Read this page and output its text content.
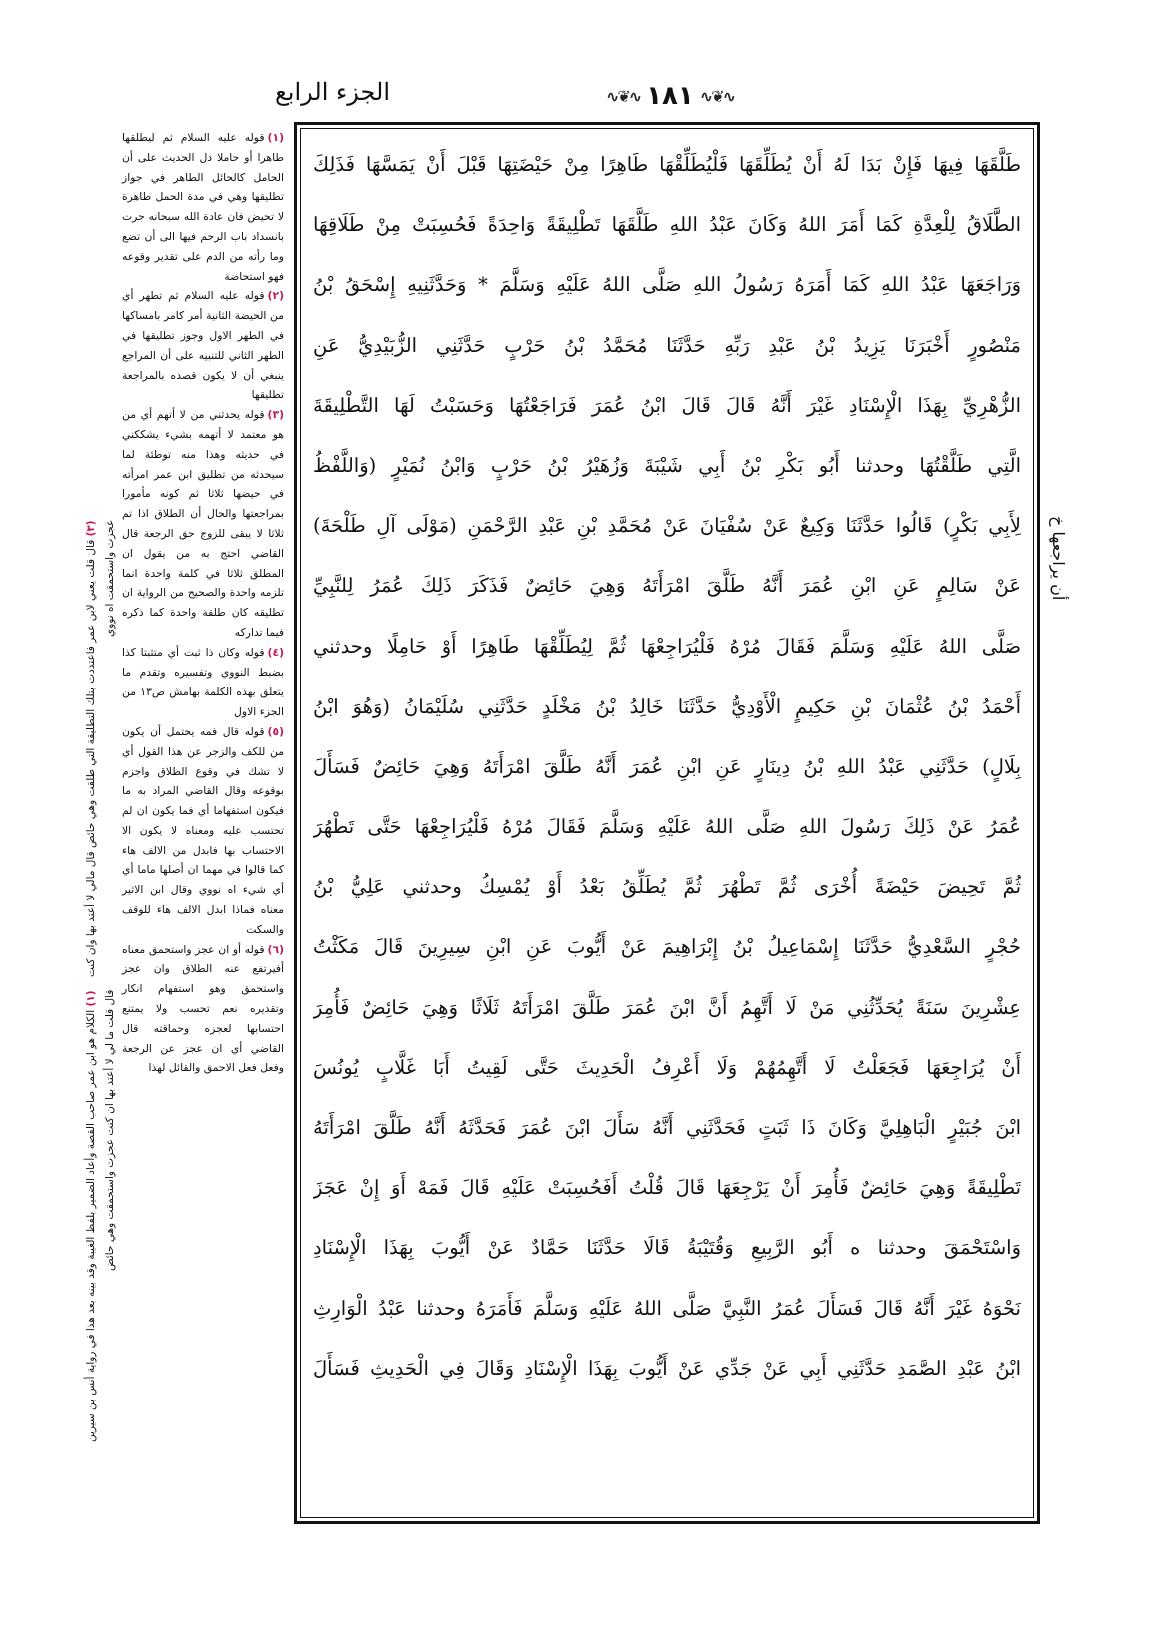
الجزء الرابع	∿❦∿ ١٨١ ∿❦∿
طَلَّقَهَا فِيهَا فَإِنْ بَدَا لَهُ أَنْ يُطَلِّقَهَا فَلْيُطَلِّقْهَا طَاهِرًا مِنْ حَيْضَتِهَا قَبْلَ أَنْ يَمَسَّهَا فَذَلِكَ
الطَّلَاقُ لِلْعِدَّةِ كَمَا أَمَرَ اللهُ وَكَانَ عَبْدُ اللهِ طَلَّقَهَا تَطْلِيقَةً وَاحِدَةً فَحُسِبَتْ مِنْ طَلَاقِهَا
وَرَاجَعَهَا عَبْدُ اللهِ كَمَا أَمَرَهُ رَسُولُ اللهِ صَلَّى اللهُ عَلَيْهِ وَسَلَّمَ * وَحَدَّثَنِيهِ إِسْحَقُ بْنُ
مَنْصُورٍ أَخْبَرَنَا يَزِيدُ بْنُ عَبْدِ رَبِّهِ حَدَّثَنَا مُحَمَّدُ بْنُ حَرْبٍ حَدَّثَنِي الزُّبَيْدِيُّ عَنِ
الزُّهْرِيِّ بِهَذَا الْإِسْنَادِ غَيْرَ أَنَّهُ قَالَ قَالَ ابْنُ عُمَرَ فَرَاجَعْتُهَا وَحَسَبْتُ لَهَا التَّطْلِيقَةَ
الَّتِي طَلَّقْتُهَا وحدثنا أَبُو بَكْرِ بْنُ أَبِي شَيْبَةَ وَزُهَيْرُ بْنُ حَرْبٍ وَابْنُ نُمَيْرٍ (وَاللَّفْظُ
لِأَبِي بَكْرٍ) قَالُوا حَدَّثَنَا وَكِيعٌ عَنْ سُفْيَانَ عَنْ مُحَمَّدِ بْنِ عَبْدِ الرَّحْمَنِ (مَوْلَى آلِ طَلْحَةَ)
عَنْ سَالِمٍ عَنِ ابْنِ عُمَرَ أَنَّهُ طَلَّقَ امْرَأَتَهُ وَهِيَ حَائِضٌ فَذَكَرَ ذَلِكَ عُمَرُ لِلنَّبِيِّ
صَلَّى اللهُ عَلَيْهِ وَسَلَّمَ فَقَالَ مُرْهُ فَلْيُرَاجِعْهَا ثُمَّ لِيُطَلِّقْهَا طَاهِرًا أَوْ حَامِلًا وحدثني
أَحْمَدُ بْنُ عُثْمَانَ بْنِ حَكِيمٍ الْأَوْدِيُّ حَدَّثَنَا خَالِدُ بْنُ مَخْلَدٍ حَدَّثَنِي سُلَيْمَانُ (وَهُوَ ابْنُ
بِلَالٍ) حَدَّثَنِي عَبْدُ اللهِ بْنُ دِينَارٍ عَنِ ابْنِ عُمَرَ أَنَّهُ طَلَّقَ امْرَأَتَهُ وَهِيَ حَائِضٌ فَسَأَلَ
عُمَرُ عَنْ ذَلِكَ رَسُولَ اللهِ صَلَّى اللهُ عَلَيْهِ وَسَلَّمَ فَقَالَ مُرْهُ فَلْيُرَاجِعْهَا حَتَّى تَطْهُرَ
ثُمَّ تَحِيضَ حَيْضَةً أُخْرَى ثُمَّ تَطْهُرَ ثُمَّ يُطَلِّقُ بَعْدُ أَوْ يُمْسِكُ وحدثني عَلِيُّ بْنُ
حُجْرٍ السَّعْدِيُّ حَدَّثَنَا إِسْمَاعِيلُ بْنُ إِبْرَاهِيمَ عَنْ أَيُّوبَ عَنِ ابْنِ سِيرِينَ قَالَ مَكَثْتُ
عِشْرِينَ سَنَةً يُحَدِّثُنِي مَنْ لَا أَتَّهِمُ أَنَّ ابْنَ عُمَرَ طَلَّقَ امْرَأَتَهُ ثَلَاثًا وَهِيَ حَائِضٌ فَأُمِرَ
أَنْ يُرَاجِعَهَا فَجَعَلْتُ لَا أَتَّهِمُهُمْ وَلَا أَعْرِفُ الْحَدِيثَ حَتَّى لَقِيتُ أَبَا غَلَّابٍ يُونُسَ
ابْنَ جُبَيْرٍ الْبَاهِلِيَّ وَكَانَ ذَا ثَبَتٍ فَحَدَّثَنِي أَنَّهُ سَأَلَ ابْنَ عُمَرَ فَحَدَّثَهُ أَنَّهُ طَلَّقَ امْرَأَتَهُ
تَطْلِيقَةً وَهِيَ حَائِضٌ فَأُمِرَ أَنْ يَرْجِعَهَا قَالَ قُلْتُ أَفَحُسِبَتْ عَلَيْهِ قَالَ فَمَهْ أَوَ إِنْ عَجَزَ
وَاسْتَحْمَقَ وحدثنا ه أَبُو الرَّبِيعِ وَقُتَيْبَةُ قَالَا حَدَّثَنَا حَمَّادٌ عَنْ أَيُّوبَ بِهَذَا الْإِسْنَادِ
نَحْوَهُ غَيْرَ أَنَّهُ قَالَ فَسَأَلَ عُمَرُ النَّبِيَّ صَلَّى اللهُ عَلَيْهِ وَسَلَّمَ فَأَمَرَهُ وحدثنا عَبْدُ الْوَارِثِ
ابْنُ عَبْدِ الصَّمَدِ حَدَّثَنِي أَبِي عَنْ جَدِّي عَنْ أَيُّوبَ بِهَذَا الْإِسْنَادِ وَقَالَ فِي الْحَدِيثِ فَسَأَلَ
أن يراجعها خ
(١)قوله عليه السلام ثم ليطلقها طاهرا أو حاملا دل الحديث على أن الحامل كالحائل الطاهر في جواز تطليقها وهي في مدة الحمل طاهرة لا تحيض فان عادة الله سبحانه جرت بانسداد باب الرحم فيها الى أن تضع وما رأته من الدم على تقدير وقوعه فهو استحاضة
(٢)قوله عليه السلام ثم تطهر أي من الحيضة الثانية أمر كامر بامساكها في الطهر الاول وجوز تطليقها في الطهر الثاني للتنبيه على أن المراجع ينبغي أن لا يكون قصده بالمراجعة تطليقها
(٣)قوله يحدثني من لا أتهم أي من هو معتمد لا أتهمه بشيء يشككني في حديثه وهذا منه توطئة لما سيحدثه من تطليق ابن عمر امرأته في حيضها ثلاثا ثم كونه مأمورا بمراجعتها والحال أن الطلاق اذا تم ثلاثا لا يبقى للزوج حق الرجعة قال القاضي احتج به من يقول ان المطلق ثلاثا في كلمة واحدة انما تلزمه واحدة والصحيح من الرواية ان تطليقه كان طلقة واحدة كما ذكره فيما تداركه
(٤)قوله وكان ذا ثبت أي متثبتا كذا بضبط النووي وتفسيره وتقدم ما يتعلق بهذه الكلمة بهامش ص١٣ من الجزء الاول
(٥)قوله قال فمه يحتمل أن يكون من للكف والزجر عن هذا القول أي لا تشك في وقوع الطلاق واجزم بوقوعه وقال القاضي المراد به ما فيكون استفهاما أي فما يكون ان لم تحتسب عليه ومعناه لا يكون الا الاحتساب بها فابدل من الالف هاء كما قالوا في مهما ان أصلها ماما أي أي شيء اه نووي وقال ابن الاثير معناه فماذا ابدل الالف هاء للوقف والسكت
(٦)قوله أو ان عجز واستحمق معناه أفيرتفع عنه الطلاق وان عجز واستحمق وهو استفهام انكار وتقديره نعم تحسب ولا يمتنع احتسابها لعجزه وحماقته قال القاضي أي ان عجز عن الرجعة وفعل فعل الاحمق والقائل لهذا
(٣) قال قلت يعني لابن عمر فاعتددت بتلك التطليقة التي طلقت وهي حائض قال مالي لا أعتد بها وان كنت عجزت واستحمقت اه نووي(١) الكلام هو ابن عمر صاحب القصة وأعاد الضمير بلفظ الغيبة وقد بينه بعد هذا في رواية أنس بن سيرين قال قلت ما لي لا أعتد بها ان كنت عجزت واستحمقت وهي حائض
